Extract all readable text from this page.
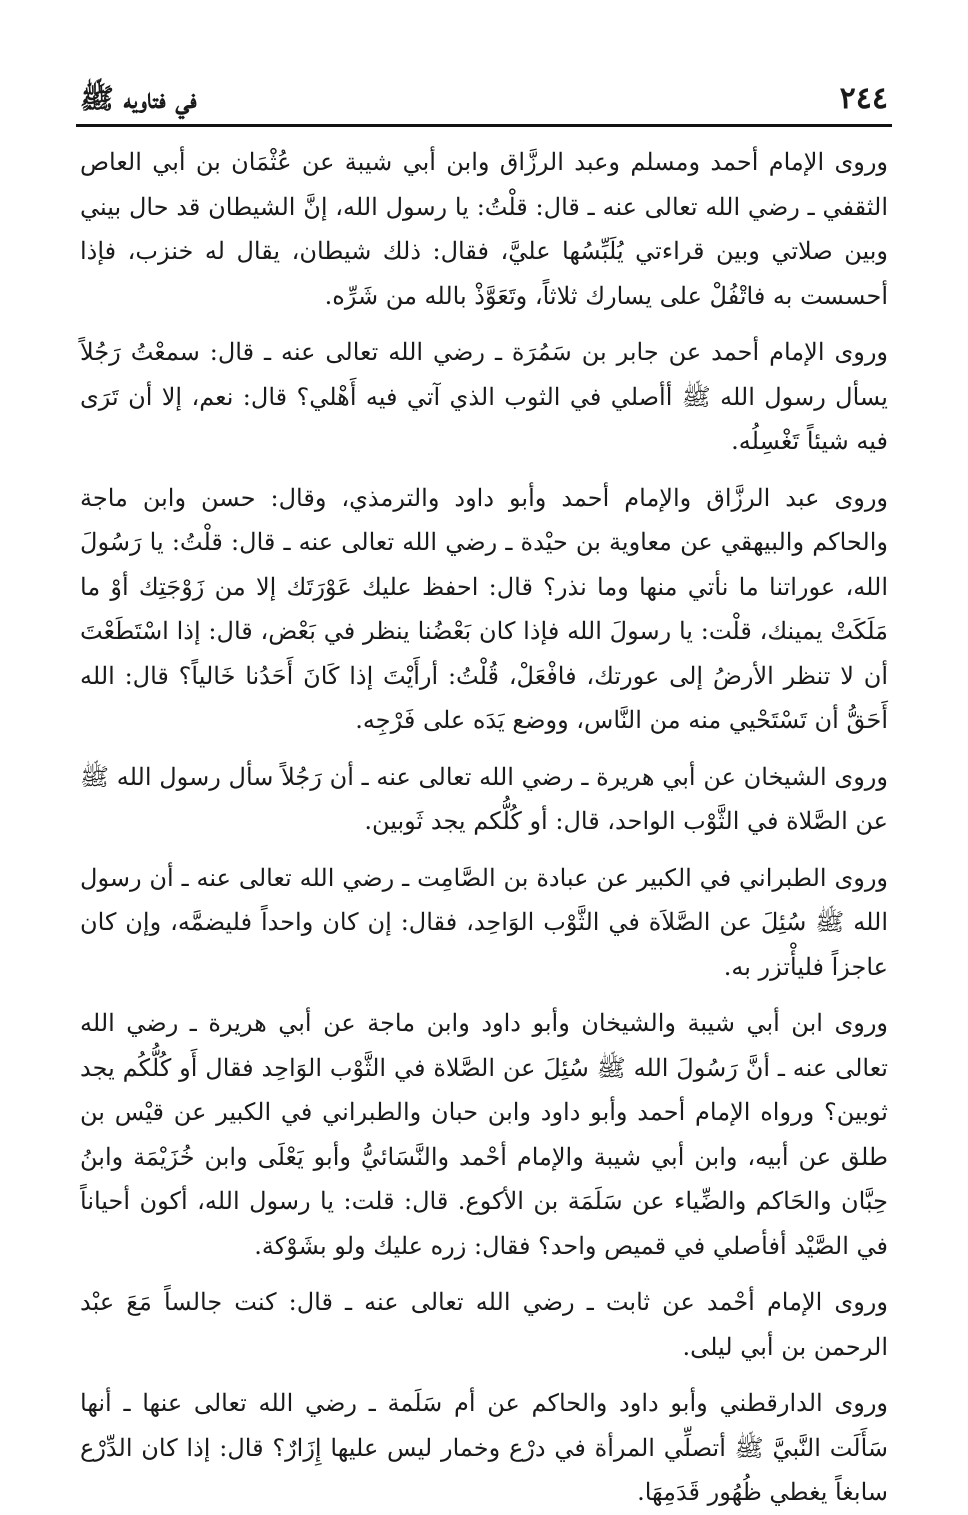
٢٤٤
في فتاويه ﷺ

وروى الإمام أحمد ومسلم وعبد الرزَّاق وابن أبي شيبة عن عُثْمَان بن أبي العاص الثقفي ـ رضي الله تعالى عنه ـ قال: قلْتُ: يا رسول الله، إنَّ الشيطان قد حال بيني وبين صلاتي وبين قراءتي يُلَبِّسُها عليَّ، فقال: ذلك شيطان، يقال له خنزب، فإذا أحسست به فاتْفُلْ على يسارك ثلاثاً، وتَعَوَّذْ بالله من شَرِّه.

وروى الإمام أحمد عن جابر بن سَمُرَة ـ رضي الله تعالى عنه ـ قال: سمعْتُ رَجُلاً يسأل رسول الله ﷺ أأصلي في الثوب الذي آتي فيه أَهْلي؟ قال: نعم، إلا أن تَرَى فيه شيئاً تَغْسِلُه.

وروى عبد الرزَّاق والإمام أحمد وأبو داود والترمذي، وقال: حسن وابن ماجة والحاكم والبيهقي عن معاوية بن حيْدة ـ رضي الله تعالى عنه ـ قال: قلْتُ: يا رَسُولَ الله، عوراتنا ما نأتي منها وما نذر؟ قال: احفظ عليك عَوْرَتَك إلا من زَوْجَتِك أوْ ما مَلَكَتْ يمينك، قلْت: يا رسولَ الله فإذا كان بَعْضُنا ينظر في بَعْض، قال: إذا اسْتَطَعْتَ أن لا تنظر الأرضُ إلى عورتك، فافْعَلْ، قُلْتُ: أرأَيْتَ إذا كَانَ أَحَدُنا خَالياً؟ قال: الله أَحَقُّ أن تَسْتَحْيي منه من النَّاس، ووضع يَدَه على فَرْجِه.

وروى الشيخان عن أبي هريرة ـ رضي الله تعالى عنه ـ أن رَجُلاً سأل رسول الله ﷺ عن الصَّلاة في الثَّوْب الواحد، قال: أو كُلُّكم يجد ثَوبين.

وروى الطبراني في الكبير عن عبادة بن الصَّامِت ـ رضي الله تعالى عنه ـ أن رسول الله ﷺ سُئِلَ عن الصَّلاَة في الثَّوْب الوَاحِد، فقال: إن كان واحداً فليضمَّه، وإن كان عاجزاً فليأْتزر به.

وروى ابن أبي شيبة والشيخان وأبو داود وابن ماجة عن أبي هريرة ـ رضي الله تعالى عنه ـ أنَّ رَسُولَ الله ﷺ سُئِلَ عن الصَّلاة في الثَّوْب الوَاحِد فقال أَو كُلُّكُم يجد ثوبين؟ ورواه الإمام أحمد وأبو داود وابن حبان والطبراني في الكبير عن قيْس بن طلق عن أبيه، وابن أبي شيبة والإمام أحْمد والنَّسَائيُّ وأبو يَعْلَى وابن خُزَيْمَة وابنُ حِبَّان والحَاكم والضِّياء عن سَلَمَة بن الأكوع. قال: قلت: يا رسول الله، أكون أحياناً في الصَّيْد أفأصلي في قميص واحد؟ فقال: زره عليك ولو بشَوْكة.

وروى الإمام أحْمد عن ثابت ـ رضي الله تعالى عنه ـ قال: كنت جالساً مَعَ عبْد الرحمن بن أبي ليلى.

وروى الدارقطني وأبو داود والحاكم عن أم سَلَمة ـ رضي الله تعالى عنها ـ أنها سَأَلَت النَّبيَّ ﷺ أتصلِّي المرأة في درْع وخمار ليس عليها إِزَارٌ؟ قال: إذا كان الدِّرْع سابغاً يغطي ظُهُور قَدَمِهَا.
